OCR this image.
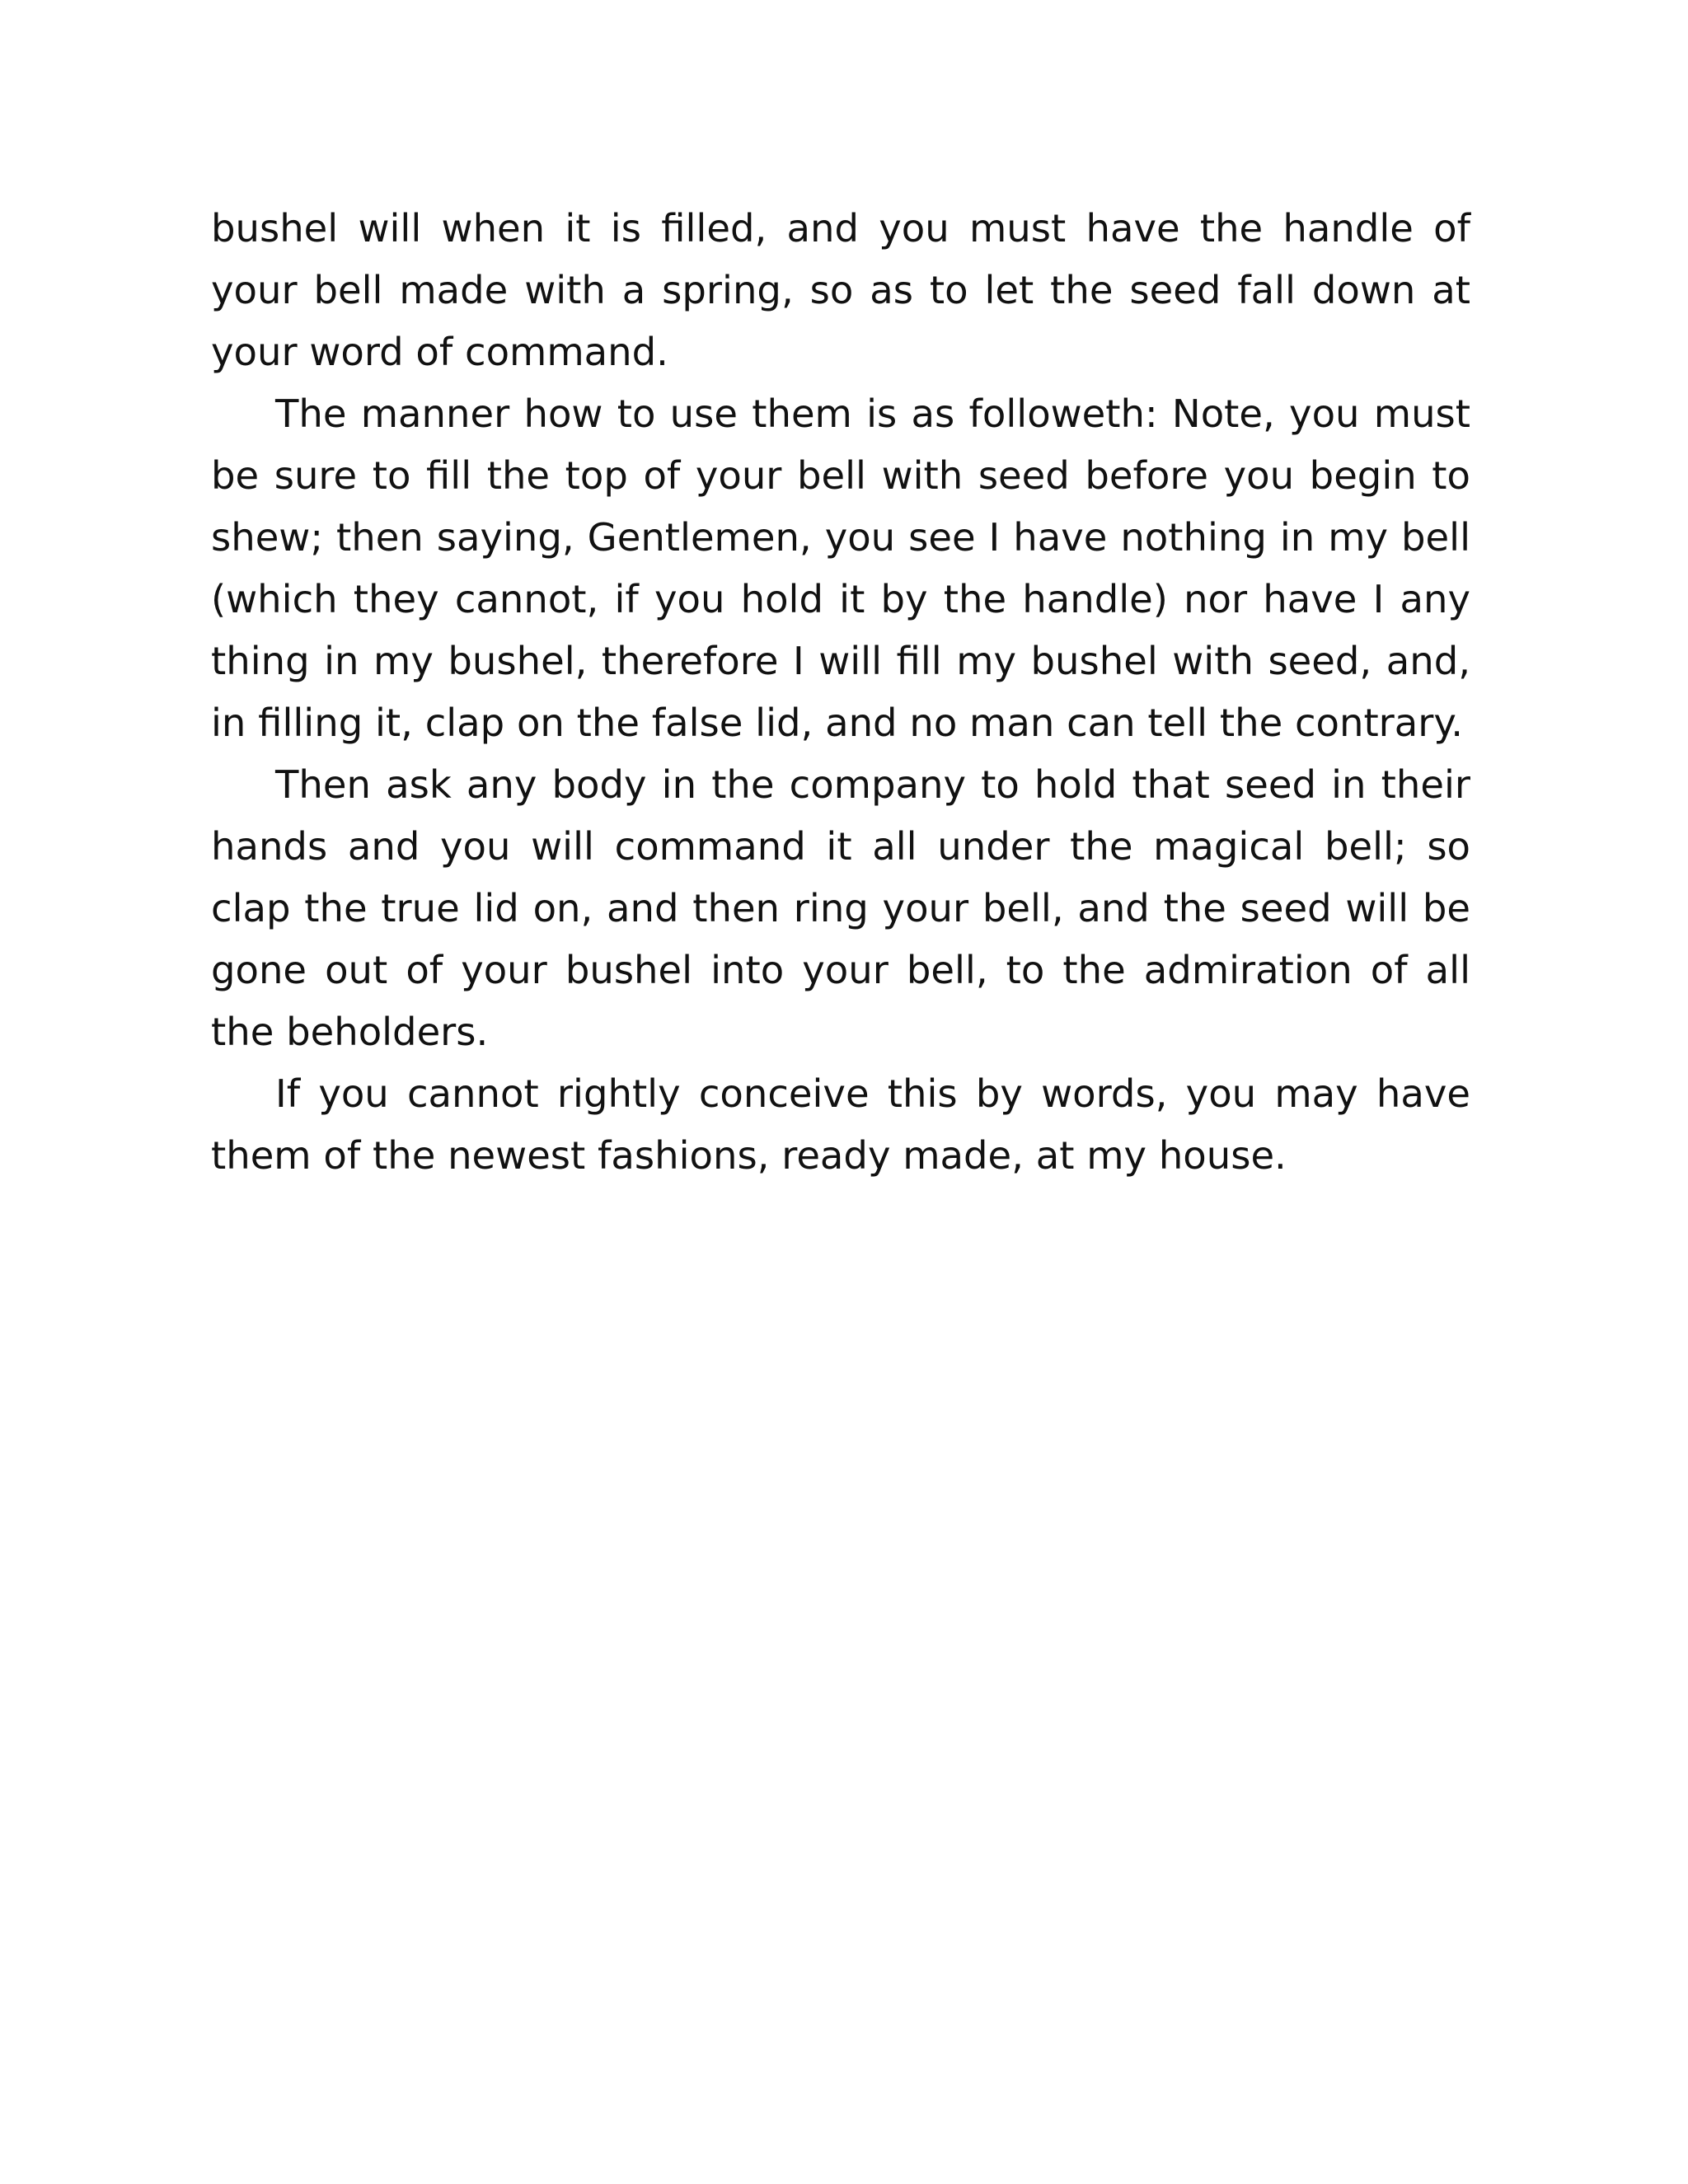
bushel will when it is filled, and you must have the handle of your bell made with a spring, so as to let the seed fall down at your word of command.

The manner how to use them is as followeth: Note, you must be sure to fill the top of your bell with seed before you begin to shew; then saying, Gentlemen, you see I have nothing in my bell (which they cannot, if you hold it by the handle) nor have I any thing in my bushel, therefore I will fill my bushel with seed, and, in filling it, clap on the false lid, and no man can tell the contrary.

Then ask any body in the company to hold that seed in their hands and you will command it all under the magical bell; so clap the true lid on, and then ring your bell, and the seed will be gone out of your bushel into your bell, to the admiration of all the beholders.

If you cannot rightly conceive this by words, you may have them of the newest fashions, ready made, at my house.
